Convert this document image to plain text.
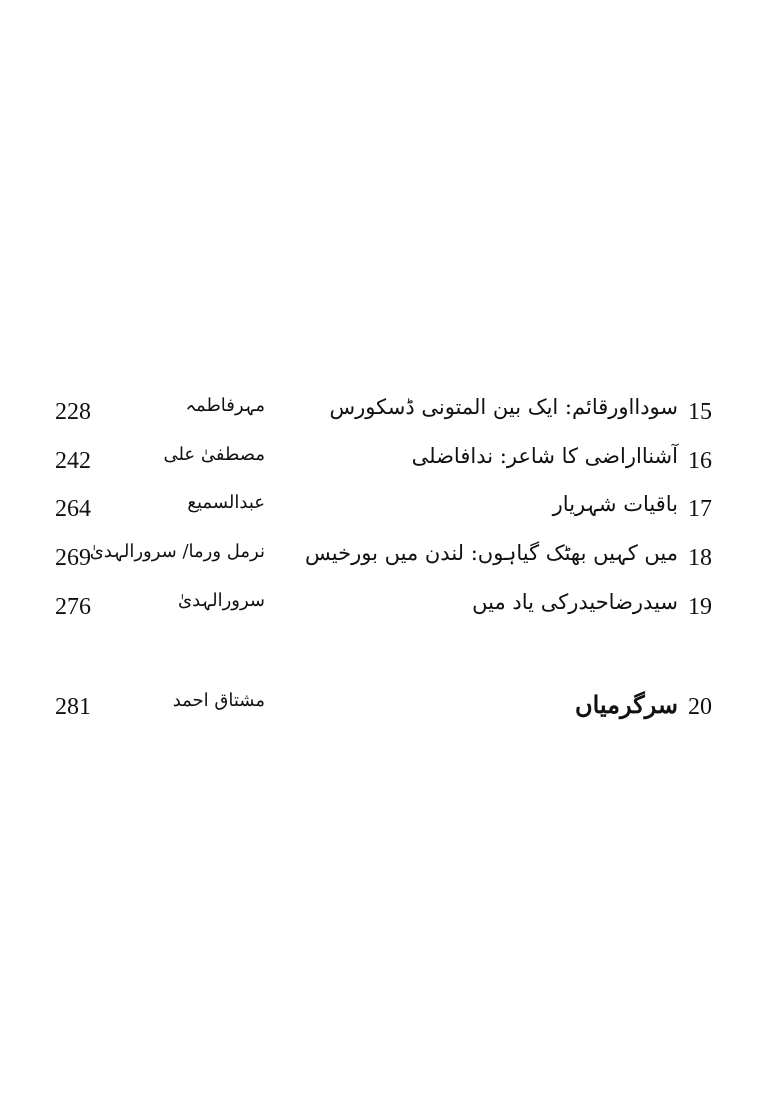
15
سودااورقائم: ایک بین المتونی ڈسکورس
مہرفاطمہ
228
16
آشنااراضی کا شاعر: ندافاضلی
مصطفیٰ علی
242
17
باقیات شہریار
عبدالسمیع
264
18
میں کہیں بھٹک گیاہوں: لندن میں بورخیس
نرمل ورما/ سرورالہدیٰ
269
19
سیدرضاحیدرکی یاد میں
سرورالہدیٰ
276
20
سرگرمیاں
مشتاق احمد
281
